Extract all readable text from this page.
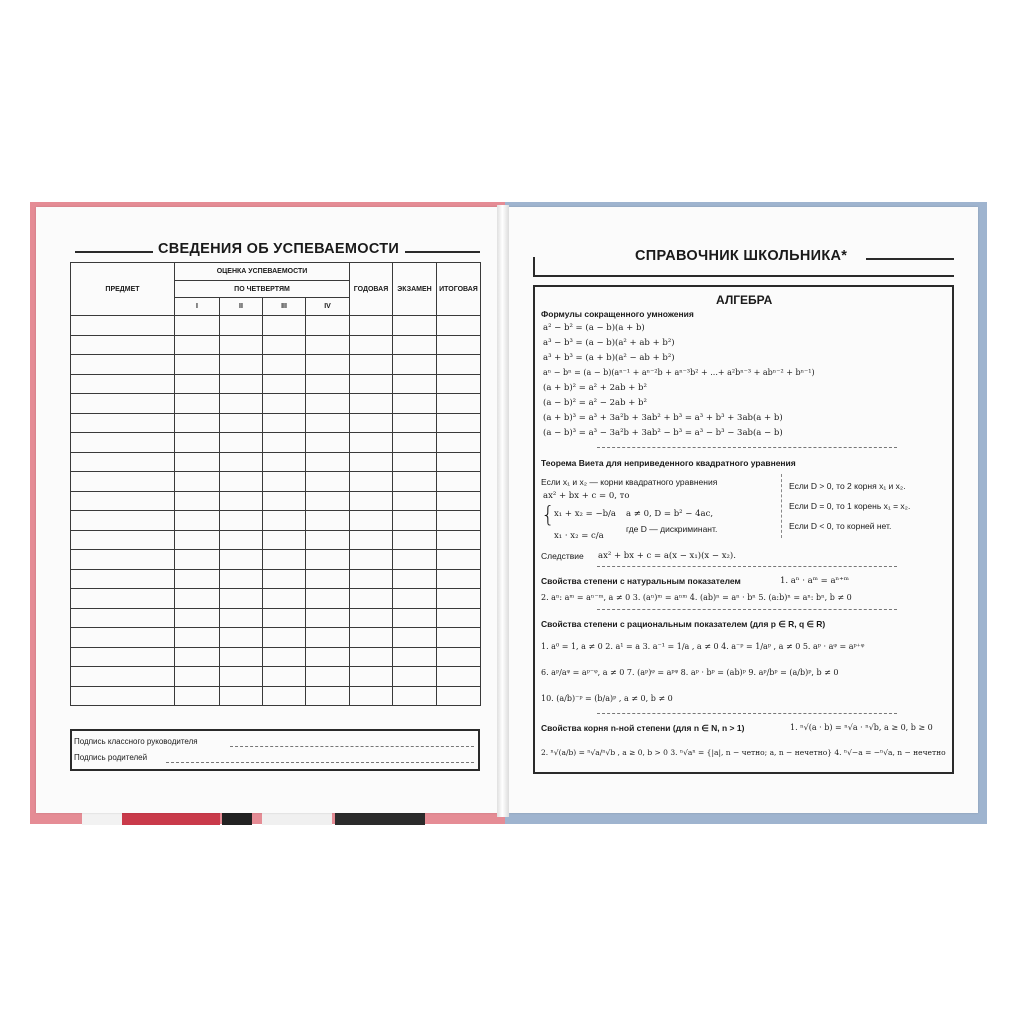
СВЕДЕНИЯ ОБ УСПЕВАЕМОСТИ
ПРЕДМЕТ	ОЦЕНКА УСПЕВАЕМОСТИ				ГОДОВАЯ	ЭКЗАМЕН	ИТОГОВАЯ
	ПО ЧЕТВЕРТЯМ						
	I	II	III	IV			

Подпись классного руководителя
Подпись родителей
СПРАВОЧНИК ШКОЛЬНИКА*
АЛГЕБРА
Формулы сокращенного умножения
a² − b² = (a − b)(a + b)
a³ − b³ = (a − b)(a² + ab + b²)
a³ + b³ = (a + b)(a² − ab + b²)
aⁿ − bⁿ = (a − b)(aⁿ⁻¹ + aⁿ⁻²b + aⁿ⁻³b² + ...+ a²bⁿ⁻³ + abⁿ⁻² + bⁿ⁻¹)
(a + b)² = a² + 2ab + b²
(a − b)² = a² − 2ab + b²
(a + b)³ = a³ + 3a²b + 3ab² + b³ = a³ + b³ + 3ab(a + b)
(a − b)³ = a³ − 3a²b + 3ab² − b³ = a³ − b³ − 3ab(a − b)
Теорема Виета для неприведенного квадратного уравнения
Если x₁ и x₂ — корни квадратного уравнения
ax² + bx + c = 0, то
{ x₁ + x₂ = −b/a
x₁ · x₂ = c/a
a ≠ 0, D = b² − 4ac,
где D — дискриминант.
Если D > 0, то 2 корня x₁ и x₂.
Если D = 0, то 1 корень x₁ = x₂.
Если D < 0, то корней нет.
Следствие ax² + bx + c = a(x − x₁)(x − x₂).
Свойства степени с натуральным показателем	1. aⁿ · aᵐ = aⁿ⁺ᵐ
2. aⁿ: aᵐ = aⁿ⁻ᵐ, a ≠ 0 3. (aⁿ)ᵐ = aⁿᵐ 4. (ab)ⁿ = aⁿ · bⁿ 5. (a:b)ⁿ = aⁿ: bⁿ, b ≠ 0
Свойства степени с рациональным показателем (для p ∈ R, q ∈ R)
1. a⁰ = 1, a ≠ 0 2. a¹ = a 3. a⁻¹ = 1/a , a ≠ 0 4. a⁻ᵖ = 1/aᵖ , a ≠ 0 5. aᵖ · aᵠ = aᵖ⁺ᵠ
6. aᵖ/aᵠ = aᵖ⁻ᵠ, a ≠ 0 7. (aᵖ)ᵠ = aᵖᵠ 8. aᵖ · bᵖ = (ab)ᵖ 9. aᵖ/bᵖ = (a/b)ᵖ, b ≠ 0
10. (a/b)⁻ᵖ = (b/a)ᵖ , a ≠ 0, b ≠ 0
Свойства корня n-ной степени (для n ∈ N, n > 1)	1. ⁿ√(a · b) = ⁿ√a · ⁿ√b, a ≥ 0, b ≥ 0
2. ⁿ√(a/b) = ⁿ√a/ⁿ√b , a ≥ 0, b > 0 3. ⁿ√aⁿ = {|a|, n − четно; a, n − нечетно} 4. ⁿ√−a = −ⁿ√a, n − нечетно
